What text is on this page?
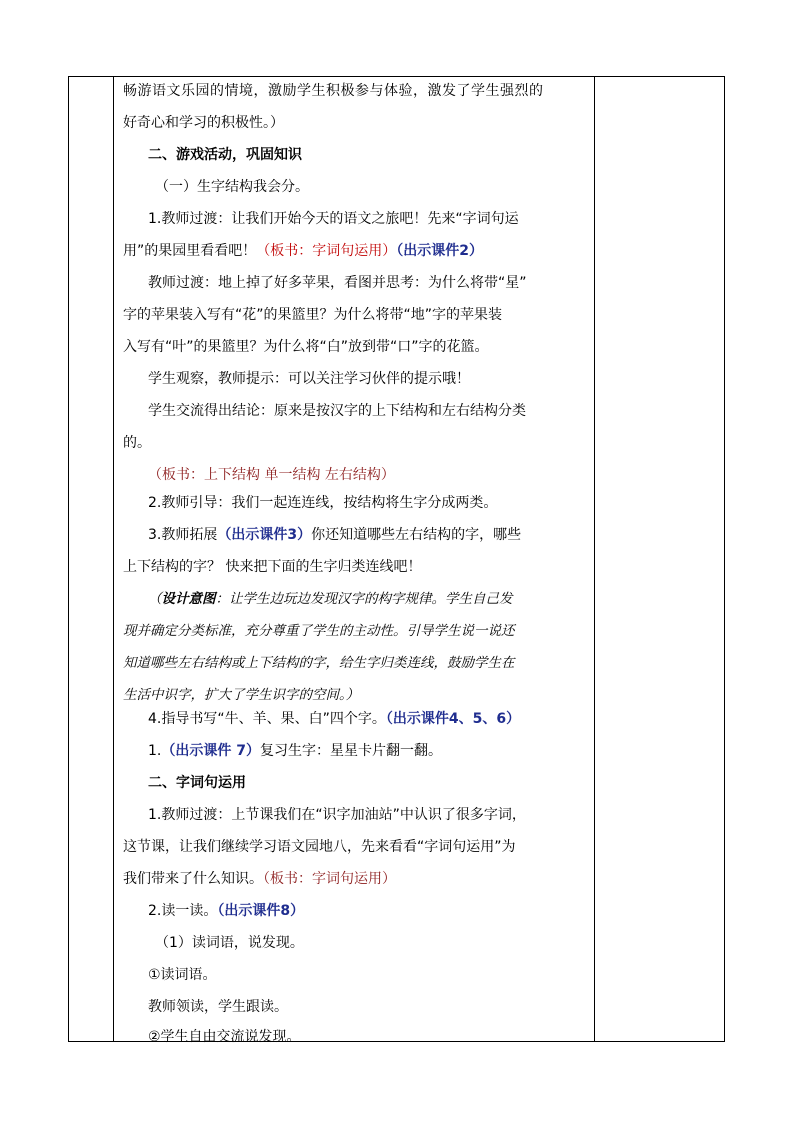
畅游语文乐园的情境，激励学生积极参与体验，激发了学生强烈的
好奇心和学习的积极性。）
二、游戏活动，巩固知识
（一）生字结构我会分。
1.教师过渡：让我们开始今天的语文之旅吧！先来“字词句运
用”的果园里看看吧！（板书：字词句运用）（出示课件2）
教师过渡：地上掉了好多苹果，看图并思考：为什么将带“星”
字的苹果装入写有“花”的果篮里？为什么将带“地”字的苹果装
入写有“叶”的果篮里？为什么将“白”放到带“口”字的花篮。
学生观察，教师提示：可以关注学习伙伴的提示哦！
学生交流得出结论：原来是按汉字的上下结构和左右结构分类
的。
（板书：上下结构 单一结构 左右结构）
2.教师引导：我们一起连连线，按结构将生字分成两类。
3.教师拓展（出示课件3）你还知道哪些左右结构的字，哪些
上下结构的字？ 快来把下面的生字归类连线吧！
（设计意图：让学生边玩边发现汉字的构字规律。学生自己发
现并确定分类标准，充分尊重了学生的主动性。引导学生说一说还
知道哪些左右结构或上下结构的字，给生字归类连线，鼓励学生在
生活中识字，扩大了学生识字的空间。）
4.指导书写“牛、羊、果、白”四个字。（出示课件4、5、6）
1.（出示课件 7）复习生字：星星卡片翻一翻。
二、字词句运用
1.教师过渡：上节课我们在“识字加油站”中认识了很多字词，
这节课，让我们继续学习语文园地八，先来看看“字词句运用”为
我们带来了什么知识。（板书：字词句运用）
2.读一读。（出示课件8）
（1）读词语，说发现。
①读词语。
教师领读，学生跟读。
②学生自由交流说发现。
